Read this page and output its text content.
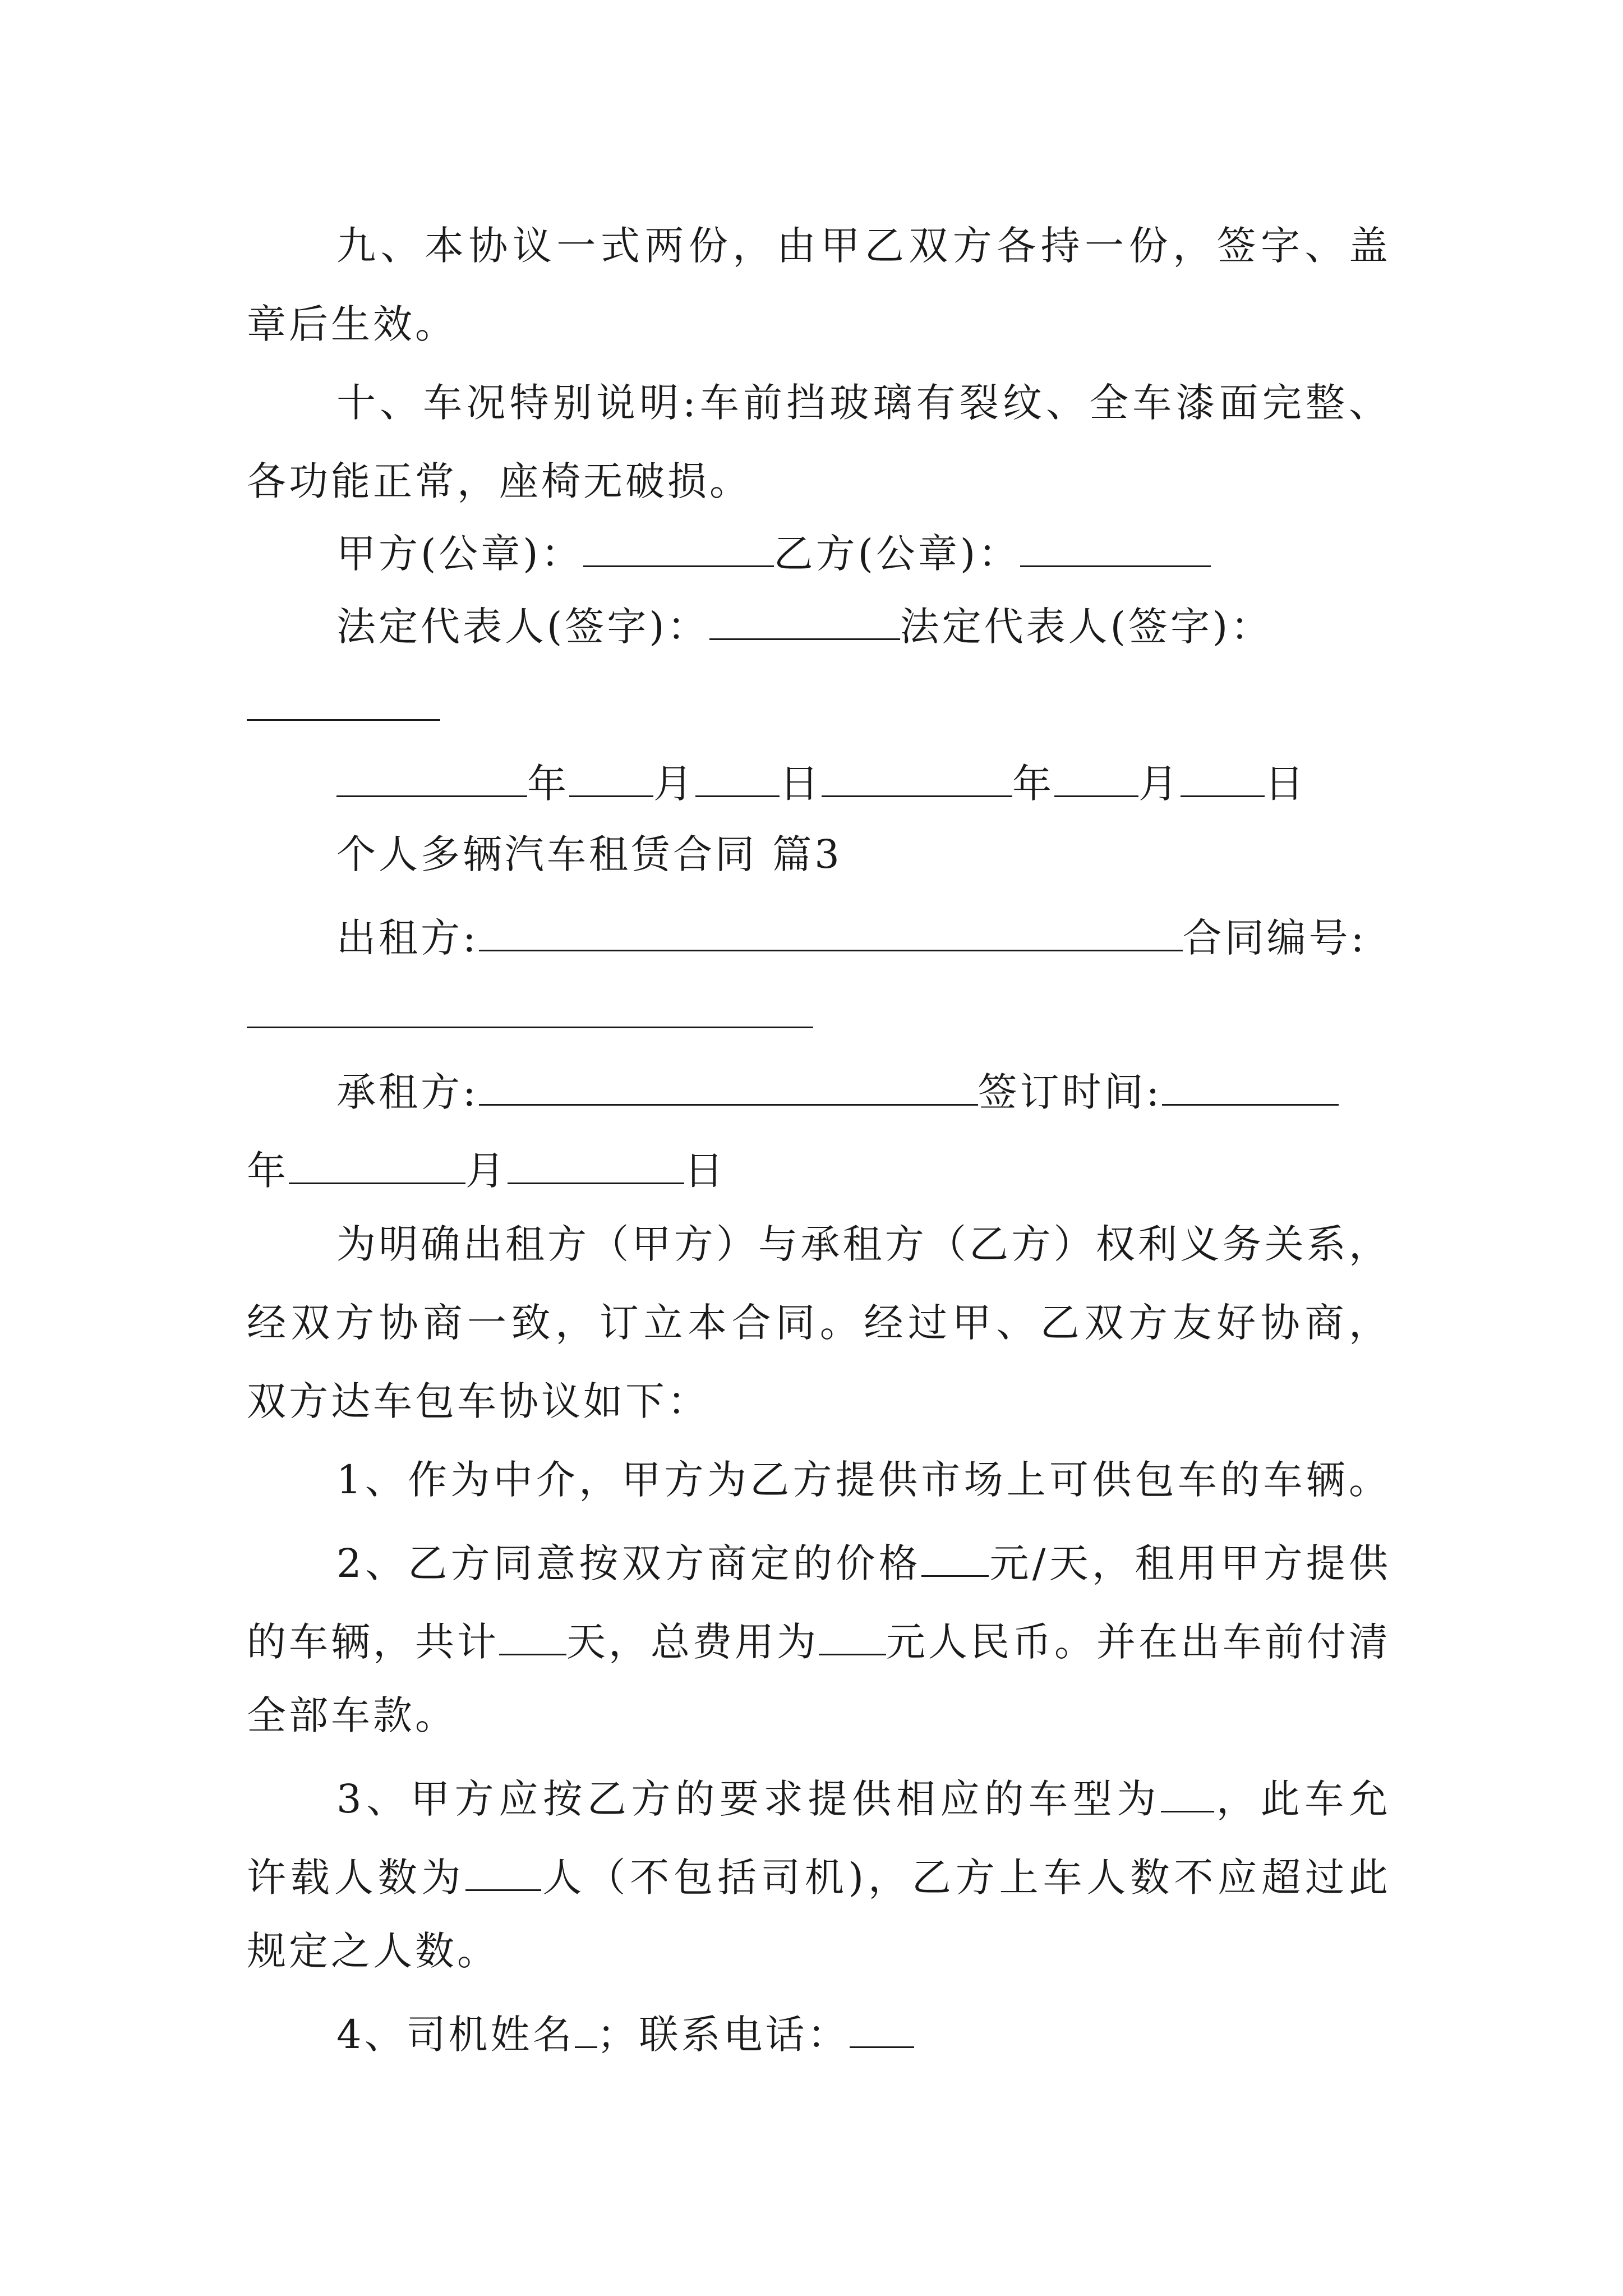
九、本协议一式两份，由甲乙双方各持一份，签字、盖
章后生效。
十、车况特别说明:车前挡玻璃有裂纹、全车漆面完整、
各功能正常，座椅无破损。
甲方(公章)：	乙方(公章)：
法定代表人(签字)：	法定代表人(签字)：
年 月 日	年 月 日
个人多辆汽车租赁合同 篇3
出租方:	合同编号:
承租方:	签订时间:
年	月	日
为明确出租方（甲方）与承租方（乙方）权利义务关系，
经双方协商一致，订立本合同。经过甲、乙双方友好协商，
双方达车包车协议如下：
1、作为中介，甲方为乙方提供市场上可供包车的车辆。
2、乙方同意按双方商定的价格 元/天，租用甲方提供
的车辆，共计 天，总费用为 元人民币。并在出车前付清
全部车款。
3、甲方应按乙方的要求提供相应的车型为 ，此车允
许载人数为 人（不包括司机)，乙方上车人数不应超过此
规定之人数。
4、司机姓名 ；联系电话：
